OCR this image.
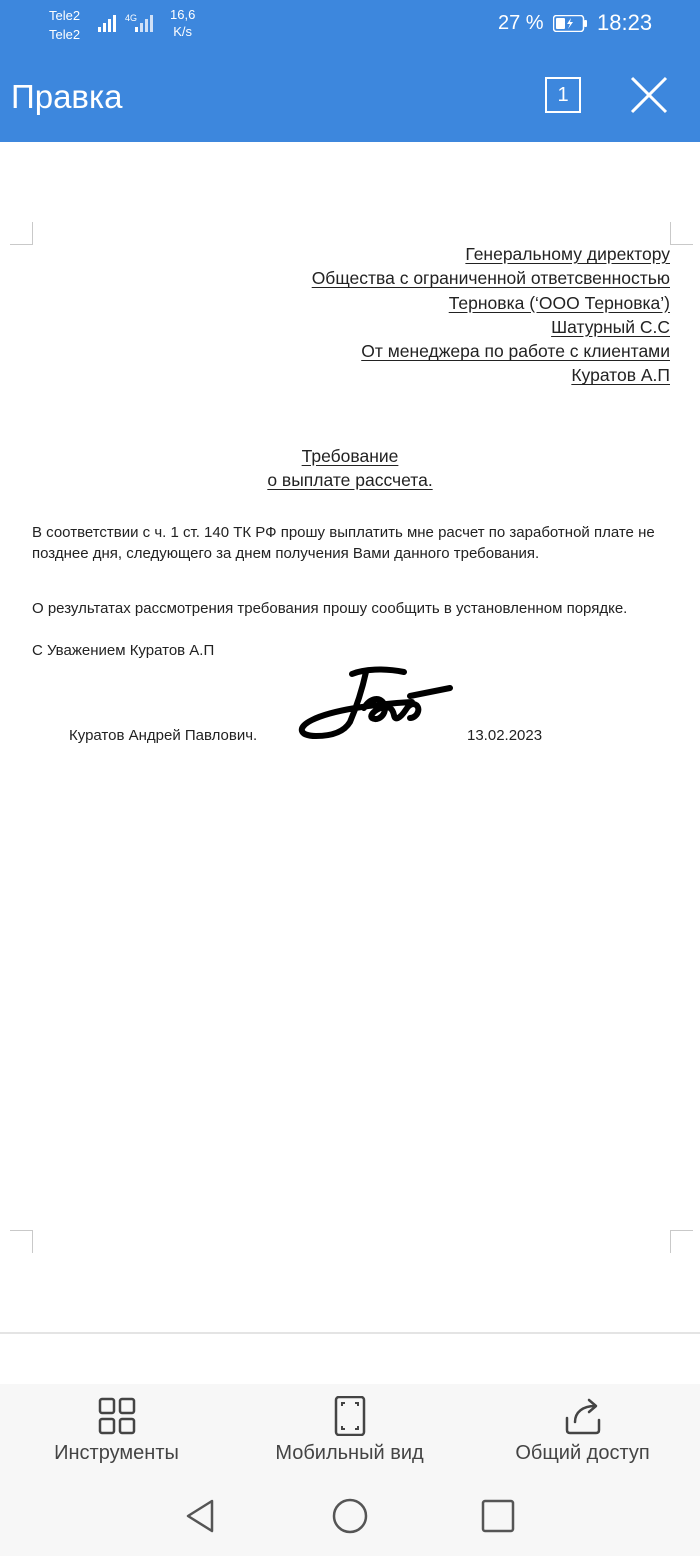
Tele2
Tele2
4G	16,6
K/s	27 % 18:23
Правка	1
Генеральному директору
Общества с ограниченной ответсвенностью
Терновка (‘ООО Терновка’)
Шатурный С.С
От менеджера по работе с клиентами
Куратов А.П
Требование
о выплате рассчета.
В соответствии с ч. 1 ст. 140 ТК РФ прошу выплатить мне расчет по заработной плате не позднее дня, следующего за днем получения Вами данного требования.
О результатах рассмотрения требования прошу сообщить в установленном порядке.
С Уважением Куратов А.П
Куратов Андрей Павлович.	13.02.2023
Инструменты	Мобильный вид	Общий доступ
